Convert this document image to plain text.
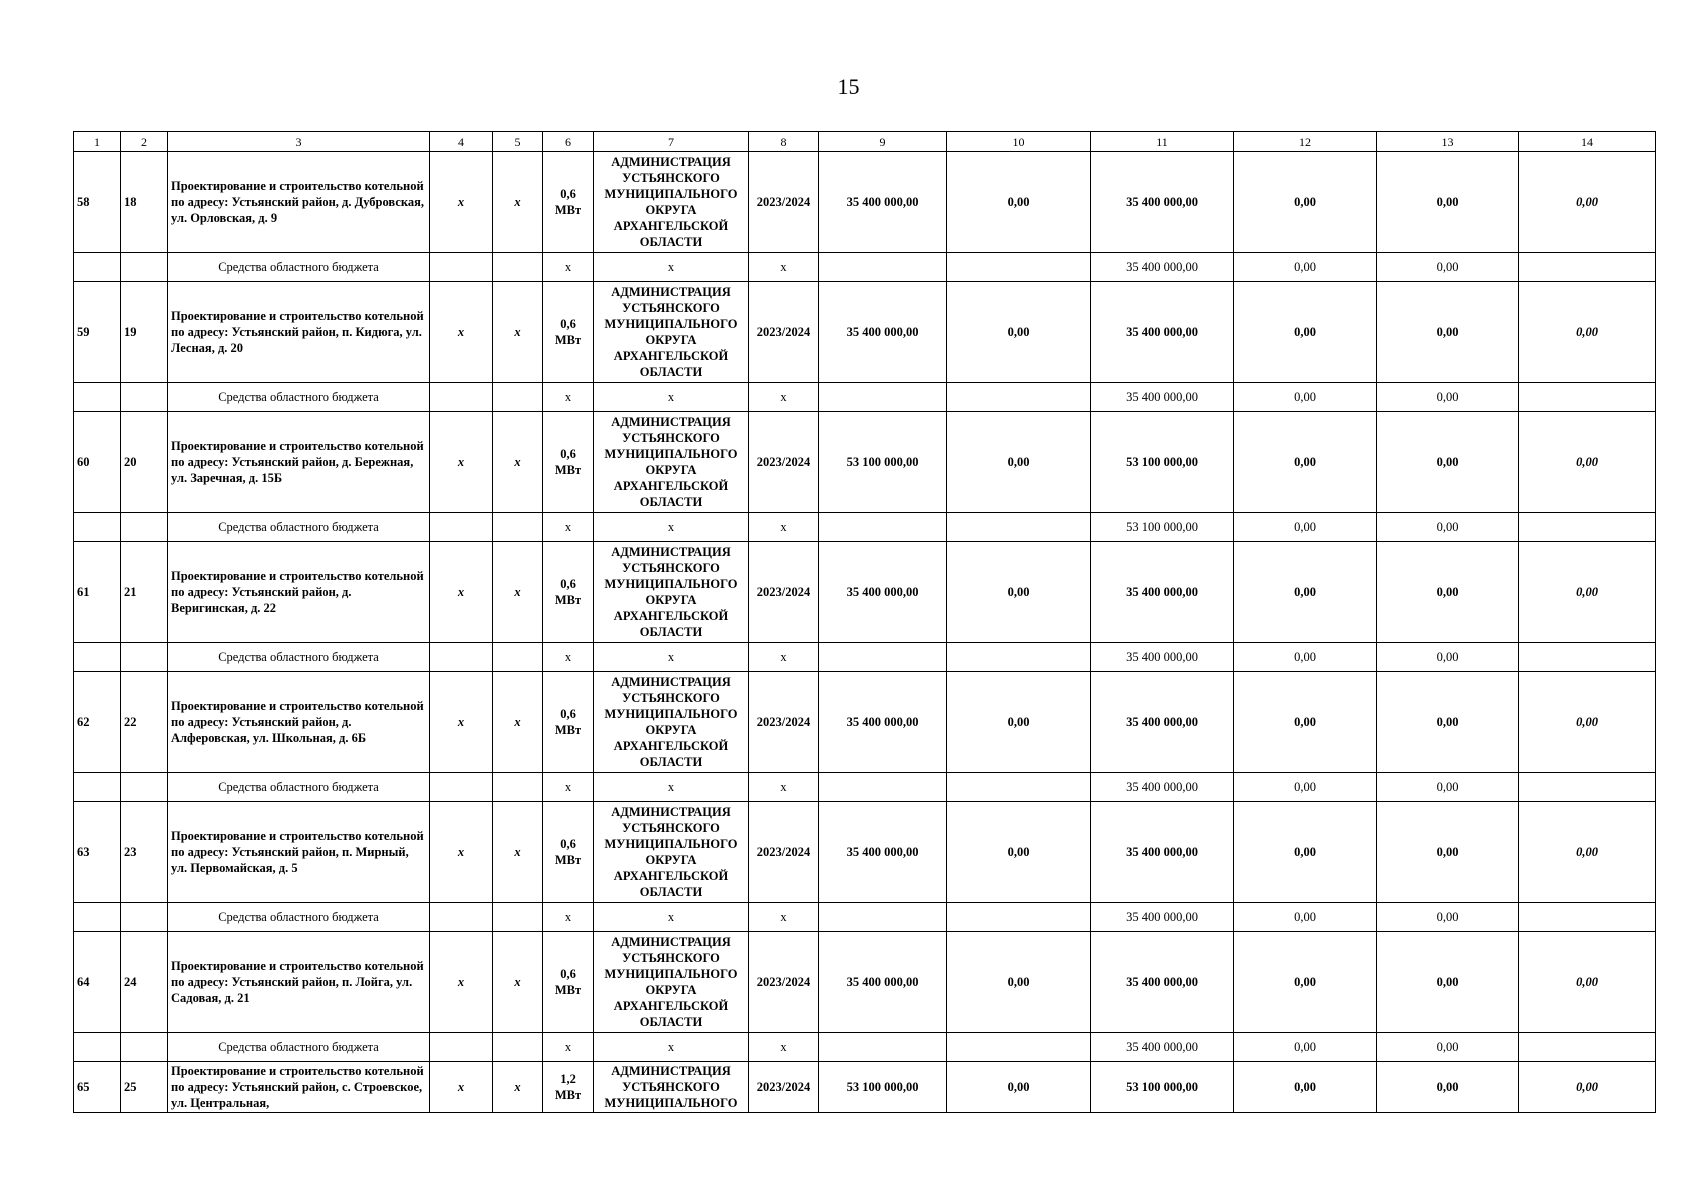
15
1	2	3	4	5	6	7	8	9	10	11	12	13	14
58	18	Проектирование и строительство котельной по адресу: Устьянский район, д. Дубровская, ул. Орловская, д. 9	x	x	0,6 МВт	АДМИНИСТРАЦИЯ УСТЬЯНСКОГО МУНИЦИПАЛЬНОГО ОКРУГА АРХАНГЕЛЬСКОЙ ОБЛАСТИ	2023/2024	35 400 000,00	0,00	35 400 000,00	0,00	0,00	0,00
		Средства областного бюджета			x	x	x			35 400 000,00	0,00	0,00	
59	19	Проектирование и строительство котельной по адресу: Устьянский район, п. Кидюга, ул. Лесная, д. 20	x	x	0,6 МВт	АДМИНИСТРАЦИЯ УСТЬЯНСКОГО МУНИЦИПАЛЬНОГО ОКРУГА АРХАНГЕЛЬСКОЙ ОБЛАСТИ	2023/2024	35 400 000,00	0,00	35 400 000,00	0,00	0,00	0,00
		Средства областного бюджета			x	x	x			35 400 000,00	0,00	0,00	
60	20	Проектирование и строительство котельной по адресу: Устьянский район, д. Бережная, ул. Заречная, д. 15Б	x	x	0,6 МВт	АДМИНИСТРАЦИЯ УСТЬЯНСКОГО МУНИЦИПАЛЬНОГО ОКРУГА АРХАНГЕЛЬСКОЙ ОБЛАСТИ	2023/2024	53 100 000,00	0,00	53 100 000,00	0,00	0,00	0,00
		Средства областного бюджета			x	x	x			53 100 000,00	0,00	0,00	
61	21	Проектирование и строительство котельной по адресу: Устьянский район, д. Веригинская, д. 22	x	x	0,6 МВт	АДМИНИСТРАЦИЯ УСТЬЯНСКОГО МУНИЦИПАЛЬНОГО ОКРУГА АРХАНГЕЛЬСКОЙ ОБЛАСТИ	2023/2024	35 400 000,00	0,00	35 400 000,00	0,00	0,00	0,00
		Средства областного бюджета			x	x	x			35 400 000,00	0,00	0,00	
62	22	Проектирование и строительство котельной по адресу: Устьянский район, д. Алферовская, ул. Школьная, д. 6Б	x	x	0,6 МВт	АДМИНИСТРАЦИЯ УСТЬЯНСКОГО МУНИЦИПАЛЬНОГО ОКРУГА АРХАНГЕЛЬСКОЙ ОБЛАСТИ	2023/2024	35 400 000,00	0,00	35 400 000,00	0,00	0,00	0,00
		Средства областного бюджета			x	x	x			35 400 000,00	0,00	0,00	
63	23	Проектирование и строительство котельной по адресу: Устьянский район, п. Мирный, ул. Первомайская, д. 5	x	x	0,6 МВт	АДМИНИСТРАЦИЯ УСТЬЯНСКОГО МУНИЦИПАЛЬНОГО ОКРУГА АРХАНГЕЛЬСКОЙ ОБЛАСТИ	2023/2024	35 400 000,00	0,00	35 400 000,00	0,00	0,00	0,00
		Средства областного бюджета			x	x	x			35 400 000,00	0,00	0,00	
64	24	Проектирование и строительство котельной по адресу: Устьянский район, п. Лойга, ул. Садовая, д. 21	x	x	0,6 МВт	АДМИНИСТРАЦИЯ УСТЬЯНСКОГО МУНИЦИПАЛЬНОГО ОКРУГА АРХАНГЕЛЬСКОЙ ОБЛАСТИ	2023/2024	35 400 000,00	0,00	35 400 000,00	0,00	0,00	0,00
		Средства областного бюджета			x	x	x			35 400 000,00	0,00	0,00	
65	25	Проектирование и строительство котельной по адресу: Устьянский район, с. Строевское, ул. Центральная,	x	x	1,2 МВт	АДМИНИСТРАЦИЯ УСТЬЯНСКОГО МУНИЦИПАЛЬНОГО	2023/2024	53 100 000,00	0,00	53 100 000,00	0,00	0,00	0,00
